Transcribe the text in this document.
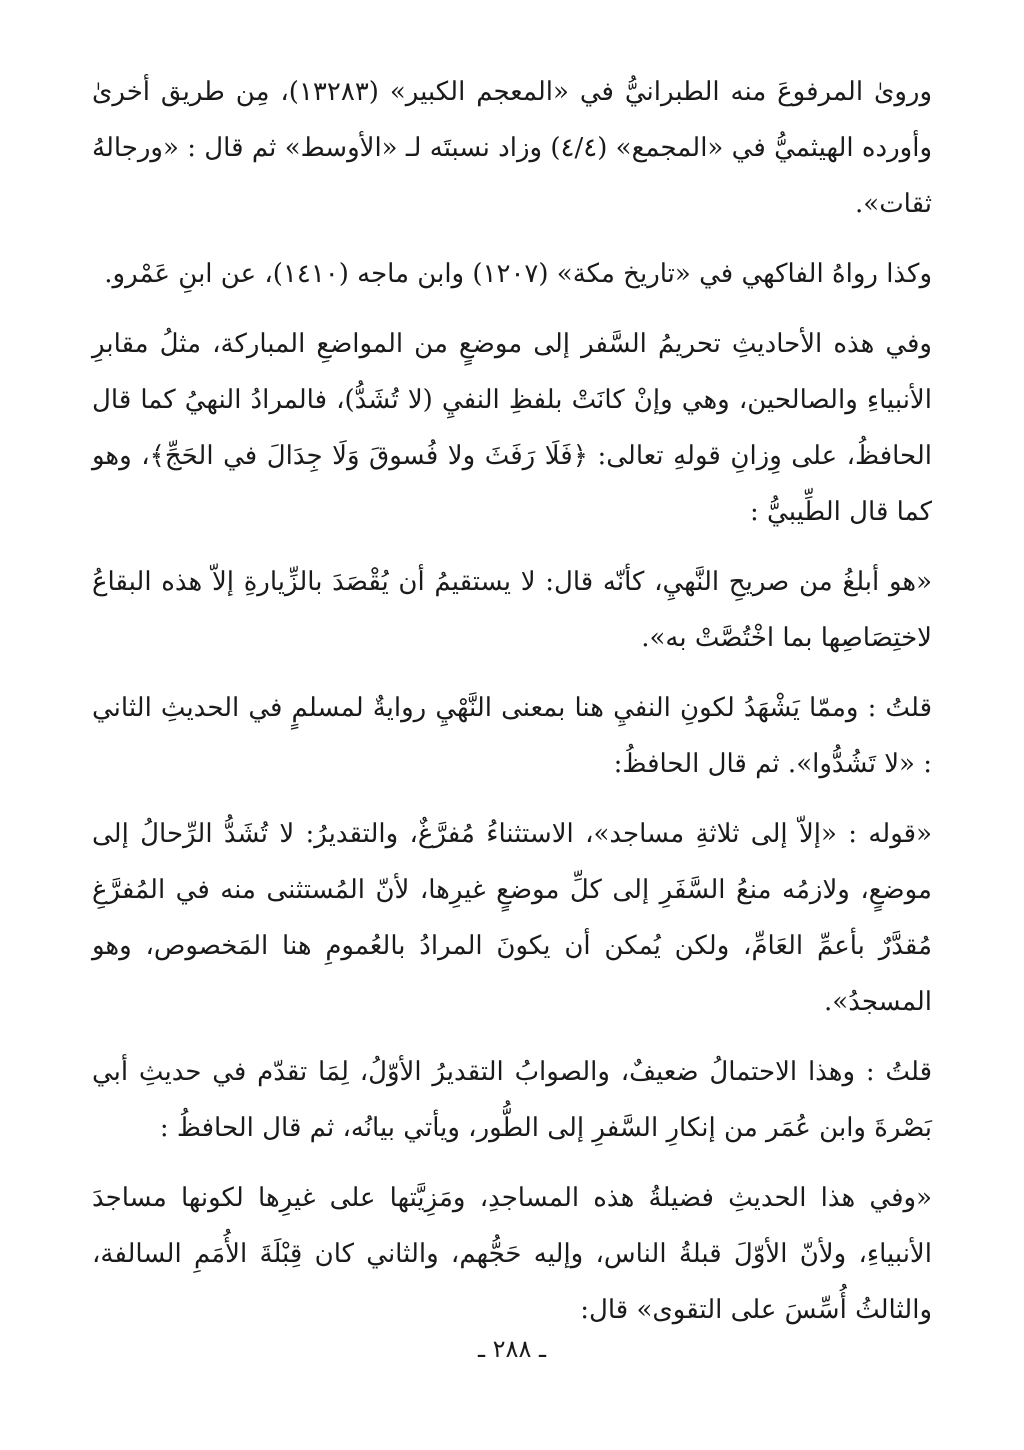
وروىٰ المرفوعَ منه الطبرانيُّ في «المعجم الكبير» (١٣٢٨٣)، مِن طريق أخرىٰ وأورده الهيثميُّ في «المجمع» (٤/٤) وزاد نسبتَه لـ «الأوسط» ثم قال : «ورجالهُ ثقات».

وكذا رواهُ الفاكهي في «تاريخ مكة» (١٢٠٧) وابن ماجه (١٤١٠)، عن ابنِ عَمْرو.

وفي هذه الأحاديثِ تحريمُ السَّفر إلى موضعٍ من المواضعِ المباركة، مثلُ مقابرِ الأنبياءِ والصالحين، وهي وإنْ كانَتْ بلفظِ النفيِ (لا تُشَدُّ)، فالمرادُ النهيُ كما قال الحافظُ، على وِزانِ قولهِ تعالى: ﴿فَلَا رَفَثَ ولا فُسوقَ وَلَا جِدَالَ في الحَجِّ﴾، وهو كما قال الطِّيبيُّ :

«هو أبلغُ من صريحِ النَّهيِ، كأنّه قال: لا يستقيمُ أن يُقْصَدَ بالزِّيارةِ إلاّ هذه البقاعُ لاختِصَاصِها بما اخْتُصَّتْ به».

قلتُ : وممّا يَشْهَدُ لكونِ النفيِ هنا بمعنى النَّهْيِ روايةٌ لمسلمٍ في الحديثِ الثاني : «لا تَشُدُّوا». ثم قال الحافظُ:

«قوله : «إلاّ إلى ثلاثةِ مساجد»، الاستثناءُ مُفرَّغٌ، والتقديرُ: لا تُشَدُّ الرِّحالُ إلى موضعٍ، ولازمُه منعُ السَّفَرِ إلى كلِّ موضعٍ غيرِها، لأنّ المُستثنى منه في المُفرَّغِ مُقدَّرٌ بأعمِّ العَامِّ، ولكن يُمكن أن يكونَ المرادُ بالعُمومِ هنا المَخصوص، وهو المسجدُ».

قلتُ : وهذا الاحتمالُ ضعيفٌ، والصوابُ التقديرُ الأوّلُ، لِمَا تقدّم في حديثِ أبي بَصْرةَ وابن عُمَر من إنكارِ السَّفرِ إلى الطُّور، ويأتي بيانُه، ثم قال الحافظُ :

«وفي هذا الحديثِ فضيلةُ هذه المساجدِ، ومَزِيَّتها على غيرِها لكونها مساجدَ الأنبياءِ، ولأنّ الأوّلَ قبلةُ الناس، وإليه حَجُّهم، والثاني كان قِبْلَةَ الأُمَمِ السالفة، والثالثُ أُسِّسَ على التقوى» قال:

ـ ٢٨٨ ـ
